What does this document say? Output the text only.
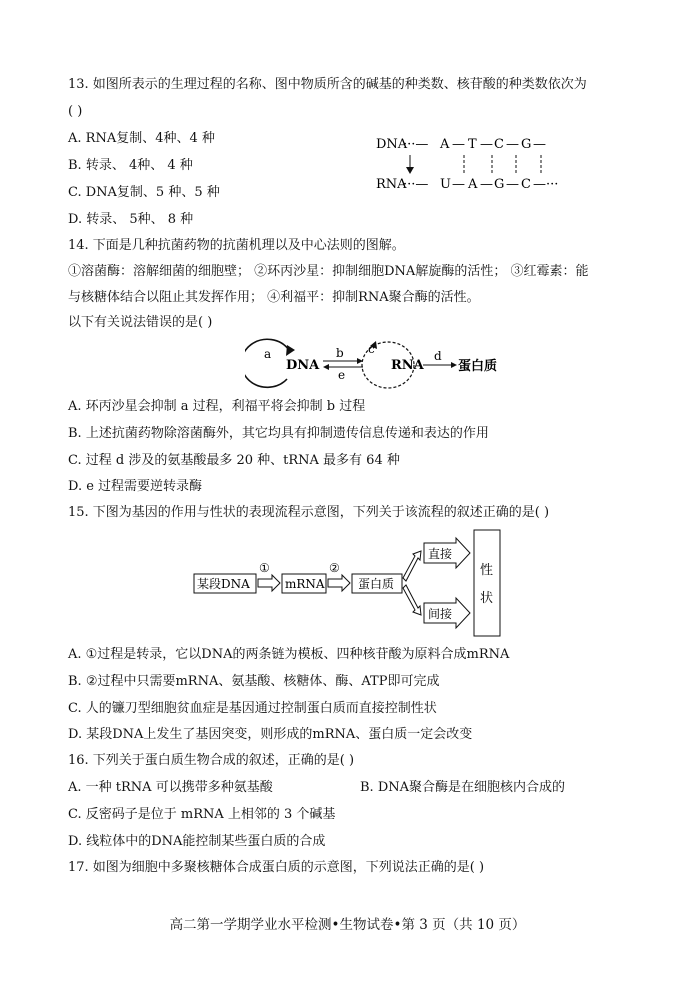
13. 如图所表示的生理过程的名称、图中物质所含的碱基的种类数、核苷酸的种类数依次为
( )
A. RNA复制、4种、4 种
B. 转录、 4种、 4 种
C. DNA复制、5 种、5 种
D. 转录、 5种、 8 种
DNA
···— A — T — C — G —
RNA
···— U — A — G — C —···
14. 下面是几种抗菌药物的抗菌机理以及中心法则的图解。
①溶菌酶：溶解细菌的细胞壁； ②环丙沙星：抑制细胞DNA解旋酶的活性； ③红霉素：能
与核糖体结合以阻止其发挥作用； ④利福平：抑制RNA聚合酶的活性。
以下有关说法错误的是( )
a
DNA
b
e
c
RNA
d
蛋白质
A. 环丙沙星会抑制 a 过程，利福平将会抑制 b 过程
B. 上述抗菌药物除溶菌酶外，其它均具有抑制遗传信息传递和表达的作用
C. 过程 d 涉及的氨基酸最多 20 种、tRNA 最多有 64 种
D. e 过程需要逆转录酶
15. 下图为基因的作用与性状的表现流程示意图，下列关于该流程的叙述正确的是( )
某段DNA
①
mRNA
②
蛋白质
直接
间接
性
状
A. ①过程是转录，它以DNA的两条链为模板、四种核苷酸为原料合成mRNA
B. ②过程中只需要mRNA、氨基酸、核糖体、酶、ATP即可完成
C. 人的镰刀型细胞贫血症是基因通过控制蛋白质而直接控制性状
D. 某段DNA上发生了基因突变，则形成的mRNA、蛋白质一定会改变
16. 下列关于蛋白质生物合成的叙述，正确的是( )
A. 一种 tRNA 可以携带多种氨基酸	B. DNA聚合酶是在细胞核内合成的
C. 反密码子是位于 mRNA 上相邻的 3 个碱基
D. 线粒体中的DNA能控制某些蛋白质的合成
17. 如图为细胞中多聚核糖体合成蛋白质的示意图，下列说法正确的是( )
高二第一学期学业水平检测•生物试卷•第 3 页（共 10 页）
